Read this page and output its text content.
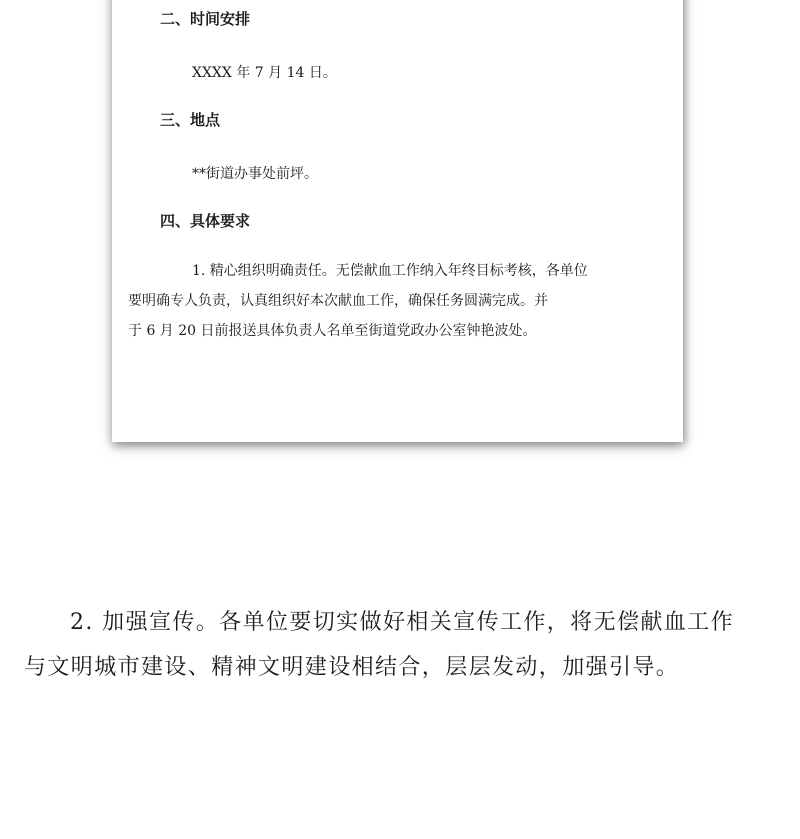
二、时间安排
XXXX 年 7 月 14 日。
三、地点
**街道办事处前坪。
四、具体要求
1. 精心组织明确责任。无偿献血工作纳入年终目标考核，各单位
要明确专人负责，认真组织好本次献血工作，确保任务圆满完成。并
于 6 月 20 日前报送具体负责人名单至街道党政办公室钟艳波处。
2. 加强宣传。各单位要切实做好相关宣传工作，将无偿献血工作
与文明城市建设、精神文明建设相结合，层层发动，加强引导。
